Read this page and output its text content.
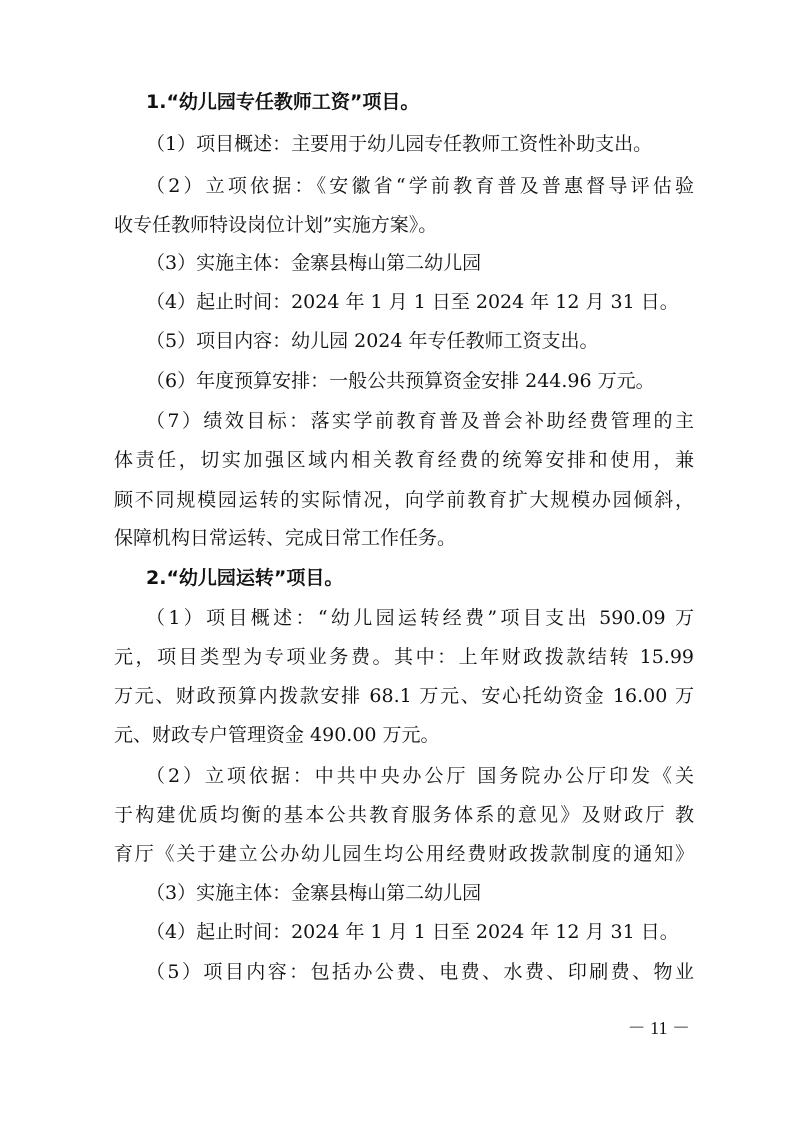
1.“幼儿园专任教师工资”项目。
（1）项目概述：主要用于幼儿园专任教师工资性补助支出。
（2）立项依据：《安徽省“学前教育普及普惠督导评估验
收专任教师特设岗位计划”实施方案》。
（3）实施主体：金寨县梅山第二幼儿园
（4）起止时间：2024 年 1 月 1 日至 2024 年 12 月 31 日。
（5）项目内容：幼儿园 2024 年专任教师工资支出。
（6）年度预算安排：一般公共预算资金安排 244.96 万元。
（7）绩效目标：落实学前教育普及普会补助经费管理的主
体责任，切实加强区域内相关教育经费的统筹安排和使用，兼
顾不同规模园运转的实际情况，向学前教育扩大规模办园倾斜，
保障机构日常运转、完成日常工作任务。
2.“幼儿园运转”项目。
（1）项目概述：“幼儿园运转经费”项目支出 590.09 万
元，项目类型为专项业务费。其中：上年财政拨款结转 15.99
万元、财政预算内拨款安排 68.1 万元、安心托幼资金 16.00 万
元、财政专户管理资金 490.00 万元。
（2）立项依据：中共中央办公厅 国务院办公厅印发《关
于构建优质均衡的基本公共教育服务体系的意见》及财政厅 教
育厅《关于建立公办幼儿园生均公用经费财政拨款制度的通知》
（3）实施主体：金寨县梅山第二幼儿园
（4）起止时间：2024 年 1 月 1 日至 2024 年 12 月 31 日。
（5）项目内容：包括办公费、电费、水费、印刷费、物业
－ 11 －
